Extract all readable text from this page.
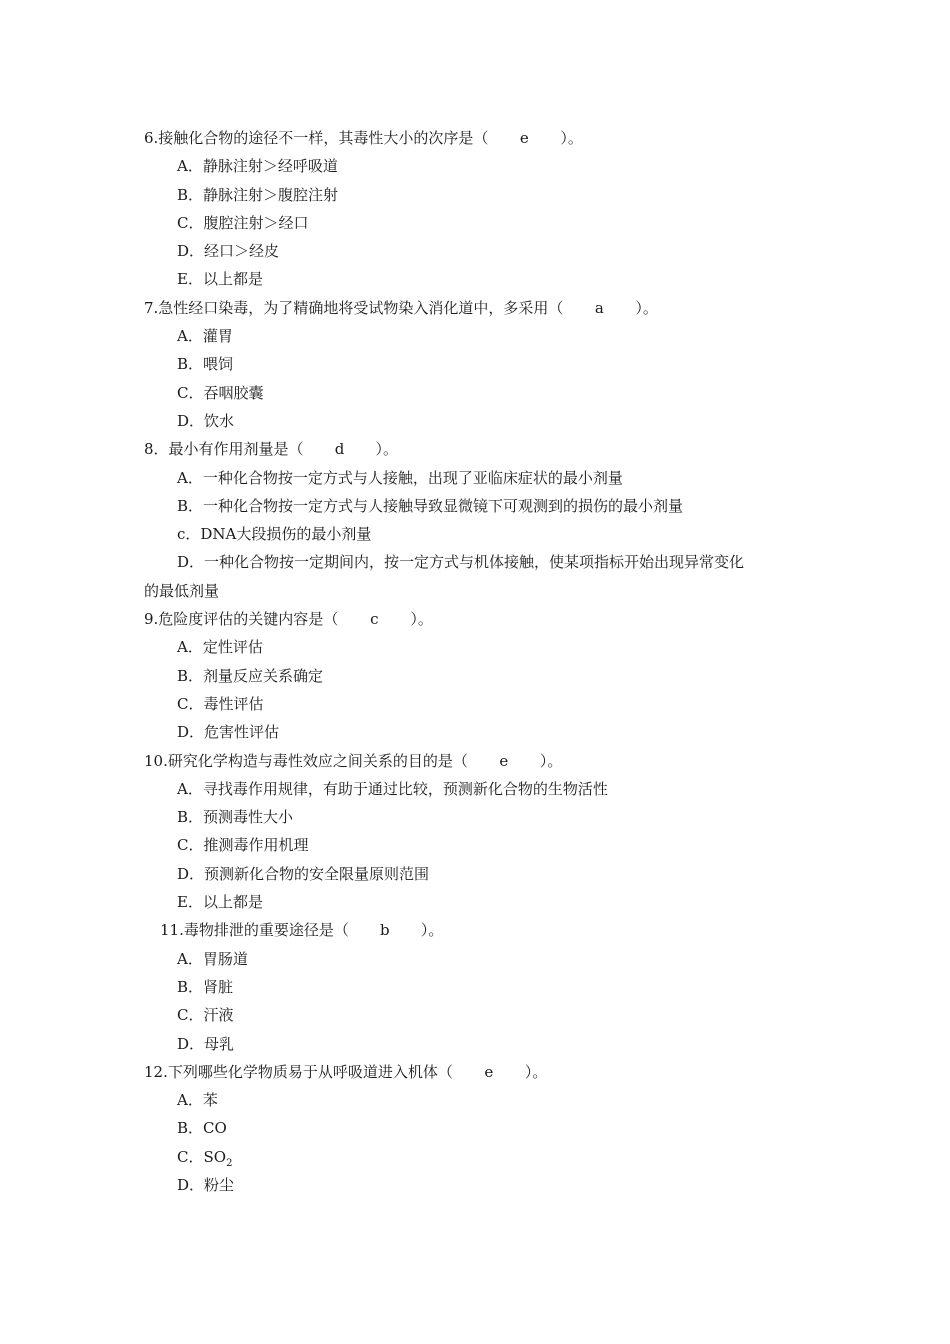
6.接触化合物的途径不一样，其毒性大小的次序是（ e ）。
A．静脉注射＞经呼吸道
B．静脉注射＞腹腔注射
C．腹腔注射＞经口
D．经口＞经皮
E．以上都是
7.急性经口染毒，为了精确地将受试物染入消化道中，多采用（ a ）。
A．灌胃
B．喂饲
C．吞咽胶囊
D．饮水
8．最小有作用剂量是（ d ）。
A．一种化合物按一定方式与人接触，出现了亚临床症状的最小剂量
B．一种化合物按一定方式与人接触导致显微镜下可观测到的损伤的最小剂量
c．DNA大段损伤的最小剂量
D．一种化合物按一定期间内，按一定方式与机体接触，使某项指标开始出现异常变化
的最低剂量
9.危险度评估的关键内容是（ c ）。
A．定性评估
B．剂量反应关系确定
C．毒性评估
D．危害性评估
10.研究化学构造与毒性效应之间关系的目的是（ e ）。
A．寻找毒作用规律，有助于通过比较，预测新化合物的生物活性
B．预测毒性大小
C．推测毒作用机理
D．预测新化合物的安全限量原则范围
E．以上都是
11.毒物排泄的重要途径是（ b ）。
A．胃肠道
B．肾脏
C．汗液
D．母乳
12.下列哪些化学物质易于从呼吸道进入机体（ e ）。
A．苯
B．CO
C．$SO_2$
D．粉尘
